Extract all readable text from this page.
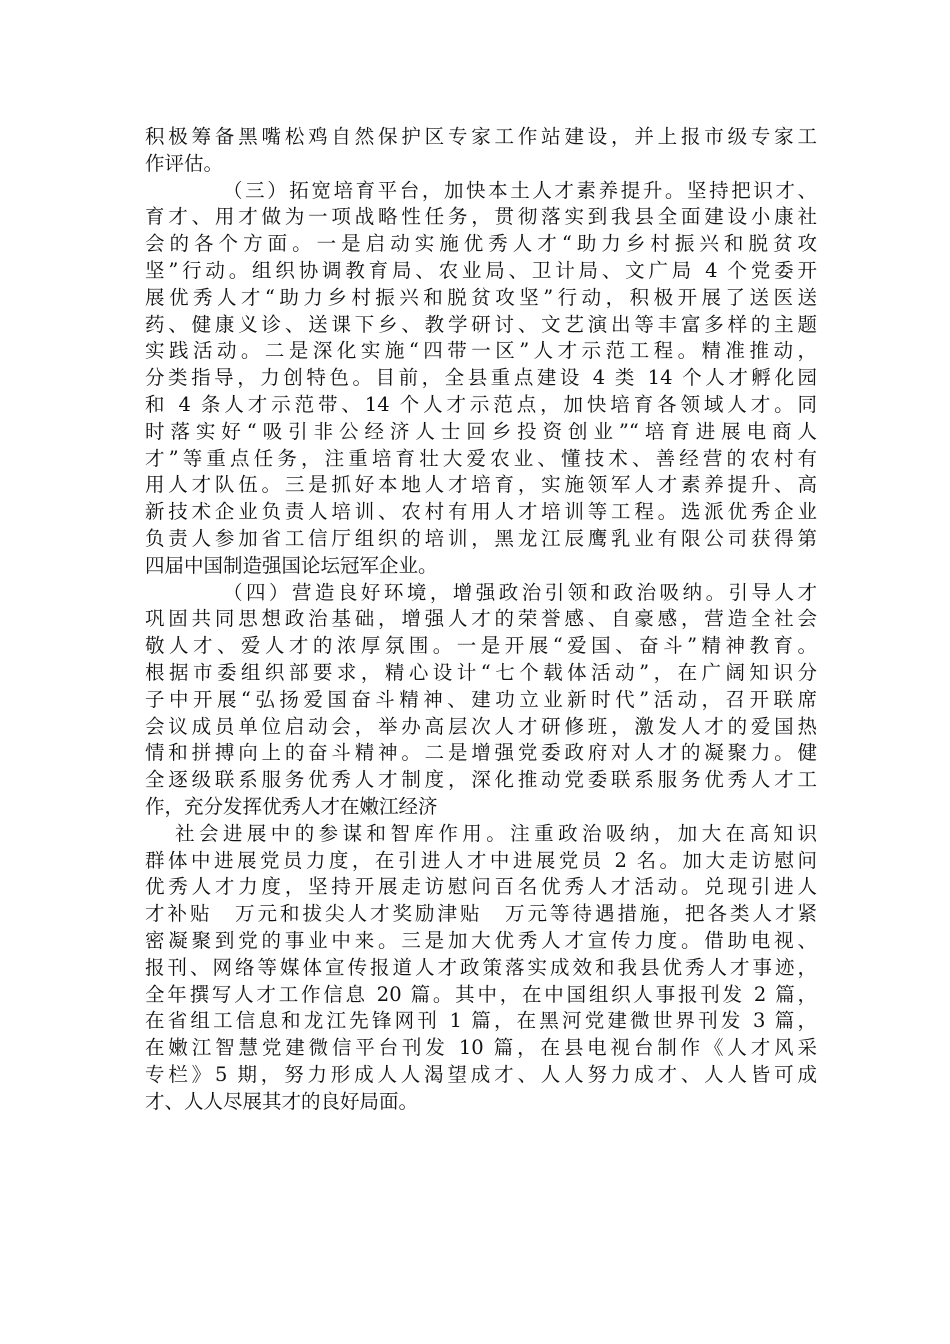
积极筹备黑嘴松鸡自然保护区专家工作站建设，并上报市级专家工
作评估。
（三）拓宽培育平台，加快本土人才素养提升。坚持把识才、
育才、用才做为一项战略性任务，贯彻落实到我县全面建设小康社
会的各个方面。一是启动实施优秀人才“助力乡村振兴和脱贫攻
坚”行动。组织协调教育局、农业局、卫计局、文广局 4 个党委开
展优秀人才“助力乡村振兴和脱贫攻坚”行动，积极开展了送医送
药、健康义诊、送课下乡、教学研讨、文艺演出等丰富多样的主题
实践活动。二是深化实施“四带一区”人才示范工程。精准推动，
分类指导，力创特色。目前，全县重点建设 4 类 14 个人才孵化园
和 4 条人才示范带、14 个人才示范点，加快培育各领域人才。同
时落实好“吸引非公经济人士回乡投资创业”“培育进展电商人
才”等重点任务，注重培育壮大爱农业、懂技术、善经营的农村有
用人才队伍。三是抓好本地人才培育，实施领军人才素养提升、高
新技术企业负责人培训、农村有用人才培训等工程。选派优秀企业
负责人参加省工信厅组织的培训，黑龙江辰鹰乳业有限公司获得第
四届中国制造强国论坛冠军企业。
（四）营造良好环境，增强政治引领和政治吸纳。引导人才
巩固共同思想政治基础，增强人才的荣誉感、自豪感，营造全社会
敬人才、爱人才的浓厚氛围。一是开展“爱国、奋斗”精神教育。
根据市委组织部要求，精心设计“七个载体活动”，在广阔知识分
子中开展“弘扬爱国奋斗精神、建功立业新时代”活动，召开联席
会议成员单位启动会，举办高层次人才研修班，激发人才的爱国热
情和拼搏向上的奋斗精神。二是增强党委政府对人才的凝聚力。健
全逐级联系服务优秀人才制度，深化推动党委联系服务优秀人才工
作，充分发挥优秀人才在嫩江经济
社会进展中的参谋和智库作用。注重政治吸纳，加大在高知识
群体中进展党员力度，在引进人才中进展党员 2 名。加大走访慰问
优秀人才力度，坚持开展走访慰问百名优秀人才活动。兑现引进人
才补贴　万元和拔尖人才奖励津贴　万元等待遇措施，把各类人才紧
密凝聚到党的事业中来。三是加大优秀人才宣传力度。借助电视、
报刊、网络等媒体宣传报道人才政策落实成效和我县优秀人才事迹，
全年撰写人才工作信息 20 篇。其中，在中国组织人事报刊发 2 篇，
在省组工信息和龙江先锋网刊 1 篇，在黑河党建微世界刊发 3 篇，
在嫩江智慧党建微信平台刊发 10 篇，在县电视台制作《人才风采
专栏》5 期，努力形成人人渴望成才、人人努力成才、人人皆可成
才、人人尽展其才的良好局面。
